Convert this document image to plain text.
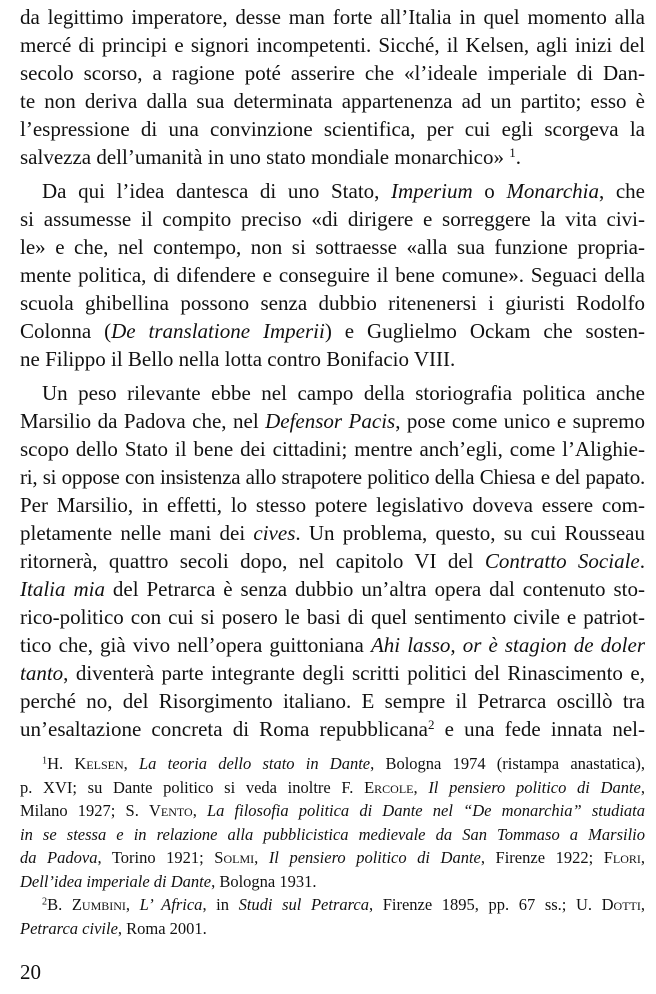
da legittimo imperatore, desse man forte all’Italia in quel momento alla
mercé di principi e signori incompetenti. Sicché, il Kelsen, agli inizi del
secolo scorso, a ragione poté asserire che «l’ideale imperiale di Dan-
te non deriva dalla sua determinata appartenenza ad un partito; esso è
l’espressione di una convinzione scientifica, per cui egli scorgeva la
salvezza dell’umanità in uno stato mondiale monarchico» $^1$.
Da qui l’idea dantesca di uno Stato, Imperium o Monarchia, che
si assumesse il compito preciso «di dirigere e sorreggere la vita civi-
le» e che, nel contempo, non si sottraesse «alla sua funzione propria-
mente politica, di difendere e conseguire il bene comune». Seguaci della
scuola ghibellina possono senza dubbio ritenenersi i giuristi Rodolfo
Colonna (De translatione Imperii) e Guglielmo Ockam che sosten-
ne Filippo il Bello nella lotta contro Bonifacio VIII.
Un peso rilevante ebbe nel campo della storiografia politica anche
Marsilio da Padova che, nel Defensor Pacis, pose come unico e supremo
scopo dello Stato il bene dei cittadini; mentre anch’egli, come l’Alighie-
ri, si oppose con insistenza allo strapotere politico della Chiesa e del papato.
Per Marsilio, in effetti, lo stesso potere legislativo doveva essere com-
pletamente nelle mani dei cives. Un problema, questo, su cui Rousseau
ritornerà, quattro secoli dopo, nel capitolo VI del Contratto Sociale.
Italia mia del Petrarca è senza dubbio un’altra opera dal contenuto sto-
rico-politico con cui si posero le basi di quel sentimento civile e patriot-
tico che, già vivo nell’opera guittoniana Ahi lasso, or è stagion de doler
tanto, diventerà parte integrante degli scritti politici del Rinascimento e,
perché no, del Risorgimento italiano. E sempre il Petrarca oscillò tra
un’esaltazione concreta di Roma repubblicana$^2$ e una fede innata nel-
$^1$H. Kelsen, La teoria dello stato in Dante, Bologna 1974 (ristampa anastatica),
p. XVI; su Dante politico si veda inoltre F. Ercole, Il pensiero politico di Dante,
Milano 1927; S. Vento, La filosofia politica di Dante nel “De monarchia” studiata
in se stessa e in relazione alla pubblicistica medievale da San Tommaso a Marsilio
da Padova, Torino 1921; Solmi, Il pensiero politico di Dante, Firenze 1922; Flori,
Dell’idea imperiale di Dante, Bologna 1931.
$^2$B. Zumbini, L’ Africa, in Studi sul Petrarca, Firenze 1895, pp. 67 ss.; U. Dotti,
Petrarca civile, Roma 2001.
20
